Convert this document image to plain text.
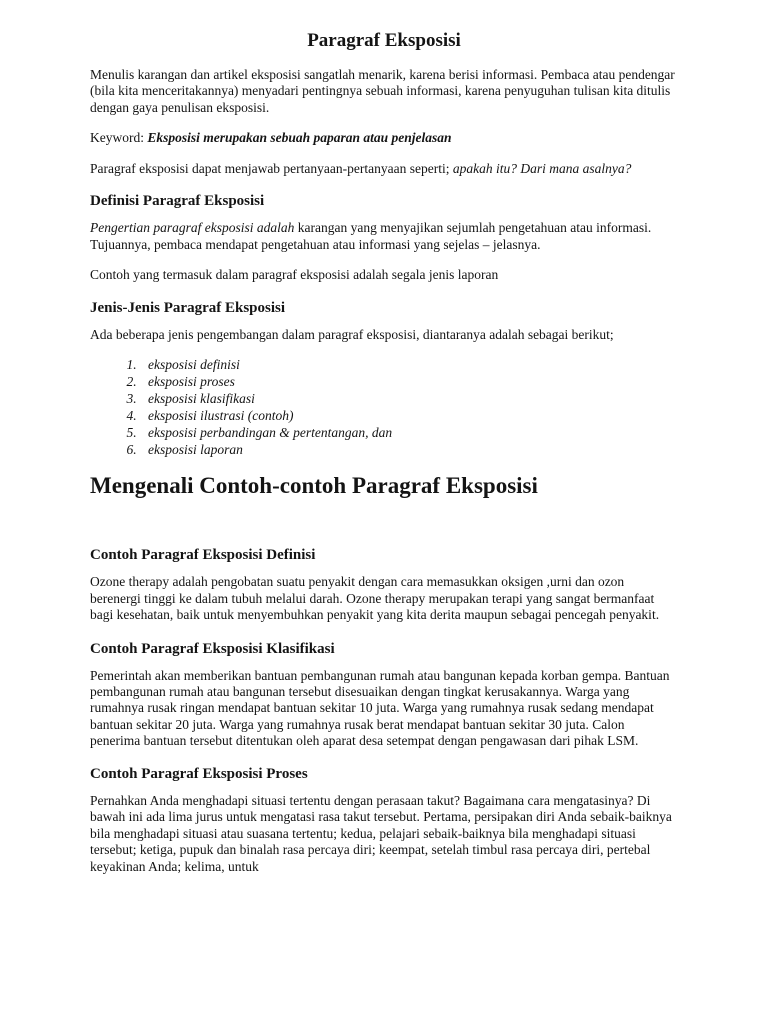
Paragraf Eksposisi

Menulis karangan dan artikel eksposisi sangatlah menarik, karena berisi informasi. Pembaca atau pendengar (bila kita menceritakannya) menyadari pentingnya sebuah informasi, karena penyuguhan tulisan kita ditulis dengan gaya penulisan eksposisi.

Keyword: Eksposisi merupakan sebuah paparan atau penjelasan

Paragraf eksposisi dapat menjawab pertanyaan-pertanyaan seperti; apakah itu? Dari mana asalnya?

Definisi Paragraf Eksposisi

Pengertian paragraf eksposisi adalah karangan yang menyajikan sejumlah pengetahuan atau informasi. Tujuannya, pembaca mendapat pengetahuan atau informasi yang sejelas – jelasnya.

Contoh yang termasuk dalam paragraf eksposisi adalah segala jenis laporan

Jenis-Jenis Paragraf Eksposisi

Ada beberapa jenis pengembangan dalam paragraf eksposisi, diantaranya adalah sebagai berikut;

1. eksposisi definisi
2. eksposisi proses
3. eksposisi klasifikasi
4. eksposisi ilustrasi (contoh)
5. eksposisi perbandingan & pertentangan, dan
6. eksposisi laporan
Mengenali Contoh-contoh Paragraf Eksposisi
Contoh Paragraf Eksposisi Definisi

Ozone therapy adalah pengobatan suatu penyakit dengan cara memasukkan oksigen ,urni dan ozon berenergi tinggi ke dalam tubuh melalui darah. Ozone therapy merupakan terapi yang sangat bermanfaat bagi kesehatan, baik untuk menyembuhkan penyakit yang kita derita maupun sebagai pencegah penyakit.

Contoh Paragraf Eksposisi Klasifikasi

Pemerintah akan memberikan bantuan pembangunan rumah atau bangunan kepada korban gempa. Bantuan pembangunan rumah atau bangunan tersebut disesuaikan dengan tingkat kerusakannya. Warga yang rumahnya rusak ringan mendapat bantuan sekitar 10 juta. Warga yang rumahnya rusak sedang mendapat bantuan sekitar 20 juta. Warga yang rumahnya rusak berat mendapat bantuan sekitar 30 juta. Calon penerima bantuan tersebut ditentukan oleh aparat desa setempat dengan pengawasan dari pihak LSM.

Contoh Paragraf Eksposisi Proses

Pernahkan Anda menghadapi situasi tertentu dengan perasaan takut? Bagaimana cara mengatasinya? Di bawah ini ada lima jurus untuk mengatasi rasa takut tersebut. Pertama, persipakan diri Anda sebaik-baiknya bila menghadapi situasi atau suasana tertentu; kedua, pelajari sebaik-baiknya bila menghadapi situasi tersebut; ketiga, pupuk dan binalah rasa percaya diri; keempat, setelah timbul rasa percaya diri, pertebal keyakinan Anda; kelima, untuk
